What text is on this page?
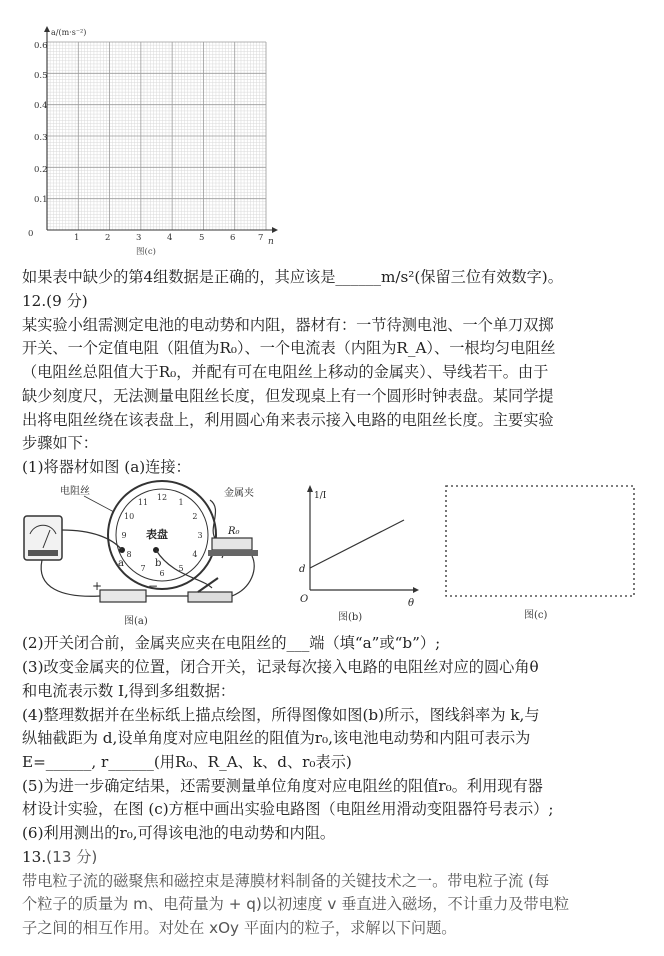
a/(m·s⁻²)
n
0	1	2	3	4	5	6	7
0.6
0.5
0.4
0.3
0.2
0.1
图(c)
如果表中缺少的第4组数据是正确的，其应该是______m/s²(保留三位有效数字)。
12.(9 分)
某实验小组需测定电池的电动势和内阻，器材有：一节待测电池、一个单刀双掷
开关、一个定值电阻（阻值为R₀）、一个电流表（内阻为R_A）、一根均匀电阻丝
（电阻丝总阻值大于R₀，并配有可在电阻丝上移动的金属夹）、导线若干。由于
缺少刻度尺，无法测量电阻丝长度，但发现桌上有一个圆形时钟表盘。某同学提
出将电阻丝绕在该表盘上，利用圆心角来表示接入电路的电阻丝长度。主要实验
步骤如下：
(1)将器材如图 (a)连接：
12
1
2
3
4
5
6
7
8
9
10
11
表盘
电阻丝	金属夹
a	b
R₀
+	−
图(a)
1/I
θ
O
d
图(b)	图(c)
(2)开关闭合前，金属夹应夹在电阻丝的___端（填“a”或“b”）;
(3)改变金属夹的位置，闭合开关，记录每次接入电路的电阻丝对应的圆心角θ
和电流表示数 I,得到多组数据：
(4)整理数据并在坐标纸上描点绘图，所得图像如图(b)所示，图线斜率为 k,与
纵轴截距为 d,设单角度对应电阻丝的阻值为r₀,该电池电动势和内阻可表示为
E=______, r______(用R₀、R_A、k、d、r₀表示)
(5)为进一步确定结果，还需要测量单位角度对应电阻丝的阻值r₀。利用现有器
材设计实验，在图 (c)方框中画出实验电路图（电阻丝用滑动变阻器符号表示）;
(6)利用测出的r₀,可得该电池的电动势和内阻。
13.(13 分)
带电粒子流的磁聚焦和磁控束是薄膜材料制备的关键技术之一。带电粒子流 (每
个粒子的质量为 m、电荷量为 + q)以初速度 v 垂直进入磁场，不计重力及带电粒
子之间的相互作用。对处在 xOy 平面内的粒子，求解以下问题。
